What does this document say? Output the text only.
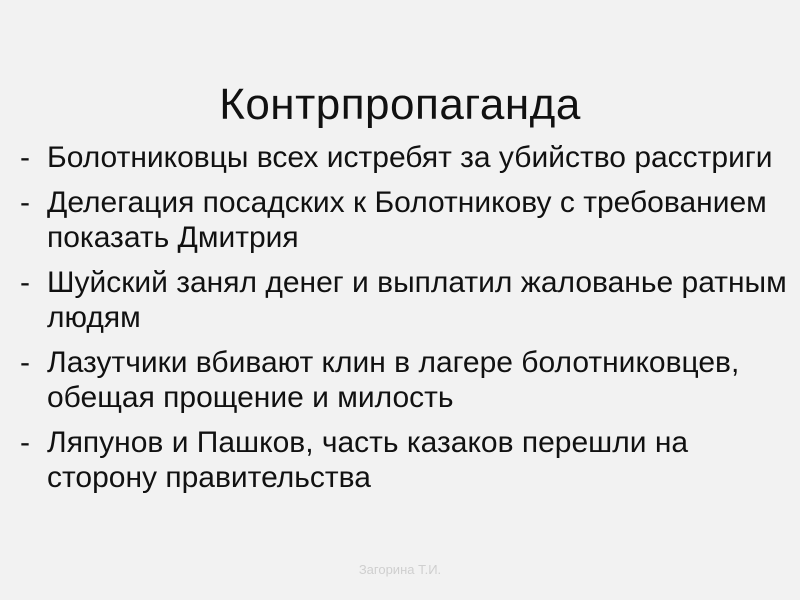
Контрпропаганда
- Болотниковцы всех истребят за убийство расстриги
- Делегация посадских к Болотникову с требованием показать Дмитрия
- Шуйский занял денег и выплатил жалованье ратным людям
- Лазутчики вбивают клин в лагере болотниковцев, обещая прощение и милость
- Ляпунов и Пашков, часть казаков перешли на сторону правительства
Загорина Т.И.
